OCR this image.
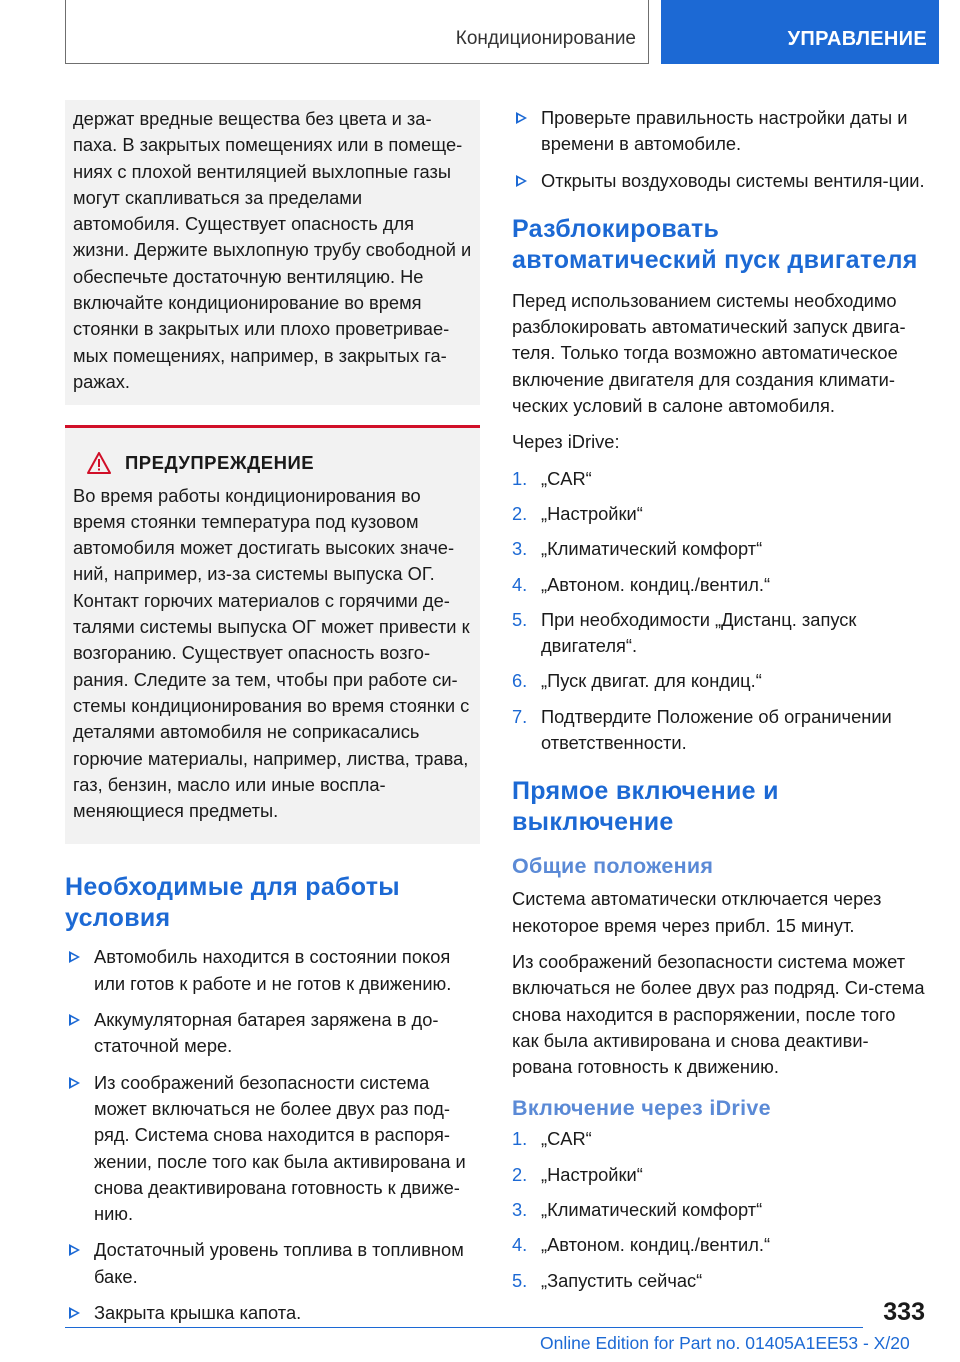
Кондиционирование	УПРАВЛЕНИЕ

держат вредные вещества без цвета и за-пaха. В закрытых помещениях или в помеще-ниях с плохой вентиляцией выхлопные газы могут скапливаться за пределами автомобиля. Существует опасность для жизни. Держите выхлопную трубу свободной и обеспечьте достаточную вентиляцию. Не включайте кондиционирование во время стоянки в закрытых или плохо проветривае-мых помещениях, например, в закрытых га-ражах.

ПРЕДУПРЕЖДЕНИЕ

Во время работы кондиционирования во время стоянки температура под кузовом автомобиля может достигать высоких значе-ний, например, из-за системы выпуска ОГ. Контакт горючих материалов с горячими де-талями системы выпуска ОГ может привести к возгоранию. Существует опасность возго-рания. Следите за тем, чтобы при работе си-стемы кондиционирования во время стоянки с деталями автомобиля не соприкасались горючие материалы, например, листва, трава, газ, бензин, масло или иные воспла-меняющиеся предметы.

Необходимые для работы условия
Автомобиль находится в состоянии покоя или готов к работе и не готов к движению.
Аккумуляторная батарея заряжена в до-статочной мере.
Из соображений безопасности система может включаться не более двух раз под-ряд. Система снова находится в распоря-жении, после того как была активирована и снова деактивирована готовность к движе-нию.
Достаточный уровень топлива в топливном баке.
Закрыта крышка капота.
Проверьте правильность настройки даты и времени в автомобиле.
Открыты воздуховоды системы вентиля-ции.
Разблокировать автоматический пуск двигателя

Перед использованием системы необходимо разблокировать автоматический запуск двига-теля. Только тогда возможно автоматическое включение двигателя для создания климати-ческих условий в салоне автомобиля.

Через iDrive:

1. „CAR“
2. „Настройки“
3. „Климатический комфорт“
4. „Автоном. кондиц./вентил.“
5. При необходимости „Дистанц. запуск двигателя“.
6. „Пуск двигат. для кондиц.“
7. Подтвердите Положение об ограничении ответственности.
Прямое включение и выключение
Общие положения

Система автоматически отключается через некоторое время через прибл. 15 минут.

Из соображений безопасности система может включаться не более двух раз подряд. Си-стема снова находится в распоряжении, после того как была активирована и снова деактиви-рована готовность к движению.

Включение через iDrive
1. „CAR“
2. „Настройки“
3. „Климатический комфорт“
4. „Автоном. кондиц./вентил.“
5. „Запустить сейчас“
333
Online Edition for Part no. 01405A1EE53 - X/20
